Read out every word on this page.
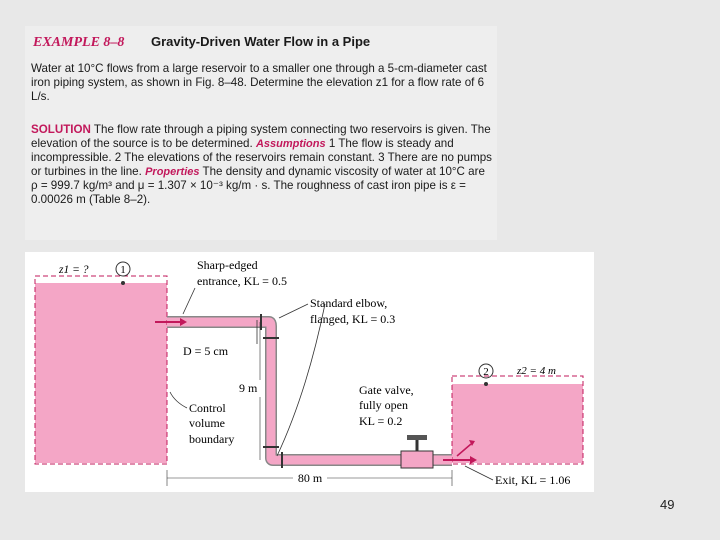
EXAMPLE 8–8 Gravity-Driven Water Flow in a Pipe
Water at 10°C flows from a large reservoir to a smaller one through a 5-cm-diameter cast iron piping system, as shown in Fig. 8–48. Determine the elevation z1 for a flow rate of 6 L/s.
SOLUTION The flow rate through a piping system connecting two reservoirs is given. The elevation of the source is to be determined. Assumptions 1 The flow is steady and incompressible. 2 The elevations of the reservoirs remain constant. 3 There are no pumps or turbines in the line. Properties The density and dynamic viscosity of water at 10°C are ρ = 999.7 kg/m³ and μ = 1.307 × 10⁻³ kg/m · s. The roughness of cast iron pipe is ε = 0.00026 m (Table 8–2).
1
2
z1 = ?
z2 = 4 m
Sharp-edged
entrance, KL = 0.5
Standard elbow,
flanged, KL = 0.3
D = 5 cm
9 m
Control
volume
boundary
Gate valve,
fully open
KL = 0.2
80 m	Exit, KL = 1.06
49
